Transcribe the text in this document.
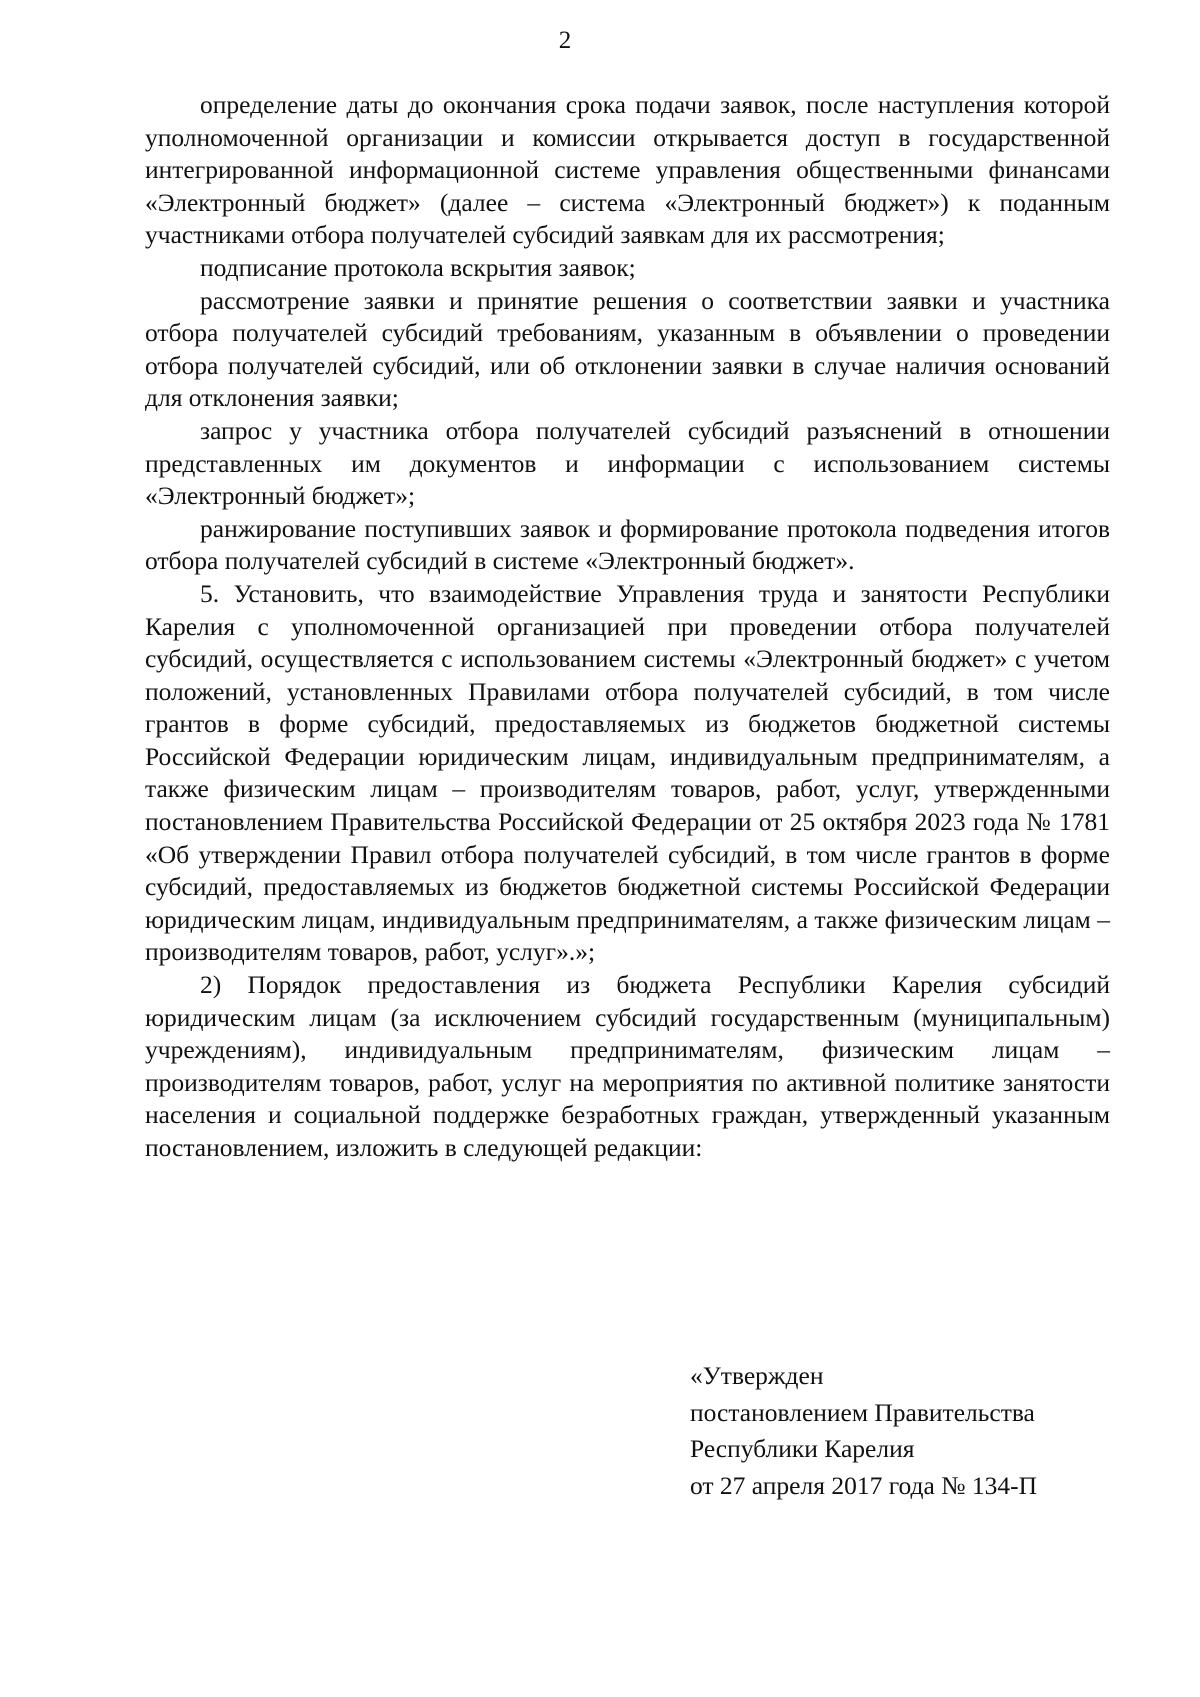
2

определение даты до окончания срока подачи заявок, после наступления которой уполномоченной организации и комиссии открывается доступ в государственной интегрированной информационной системе управления общественными финансами «Электронный бюджет» (далее – система «Электронный бюджет») к поданным участниками отбора получателей субсидий заявкам для их рассмотрения;

подписание протокола вскрытия заявок;

рассмотрение заявки и принятие решения о соответствии заявки и участника отбора получателей субсидий требованиям, указанным в объявлении о проведении отбора получателей субсидий, или об отклонении заявки в случае наличия оснований для отклонения заявки;

запрос у участника отбора получателей субсидий разъяснений в отношении представленных им документов и информации с использованием системы «Электронный бюджет»;

ранжирование поступивших заявок и формирование протокола подведения итогов отбора получателей субсидий в системе «Электронный бюджет».

5. Установить, что взаимодействие Управления труда и занятости Республики Карелия с уполномоченной организацией при проведении отбора получателей субсидий, осуществляется с использованием системы «Электронный бюджет» с учетом положений, установленных Правилами отбора получателей субсидий, в том числе грантов в форме субсидий, предоставляемых из бюджетов бюджетной системы Российской Федерации юридическим лицам, индивидуальным предпринимателям, а также физическим лицам – производителям товаров, работ, услуг, утвержденными постановлением Правительства Российской Федерации от 25 октября 2023 года № 1781 «Об утверждении Правил отбора получателей субсидий, в том числе грантов в форме субсидий, предоставляемых из бюджетов бюджетной системы Российской Федерации юридическим лицам, индивидуальным предпринимателям, а также физическим лицам – производителям товаров, работ, услуг».»;

2) Порядок предоставления из бюджета Республики Карелия субсидий юридическим лицам (за исключением субсидий государственным (муниципальным) учреждениям), индивидуальным предпринимателям, физическим лицам – производителям товаров, работ, услуг на мероприятия по активной политике занятости населения и социальной поддержке безработных граждан, утвержденный указанным постановлением, изложить в следующей редакции:

«Утвержден
постановлением Правительства
Республики Карелия
от 27 апреля 2017 года № 134-П
